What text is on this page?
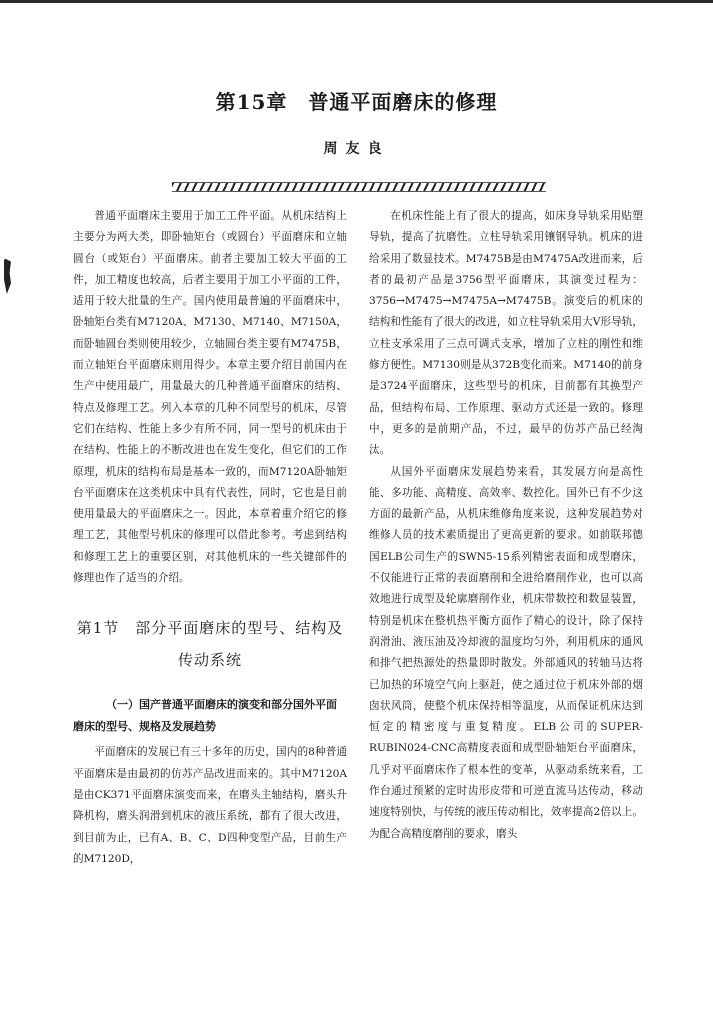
第15章　普通平面磨床的修理
周友良

普通平面磨床主要用于加工工件平面。从机床结构上主要分为两大类，即卧轴矩台（或圆台）平面磨床和立轴圆台（或矩台）平面磨床。前者主要加工较大平面的工件，加工精度也较高，后者主要用于加工小平面的工件，适用于较大批量的生产。国内使用最普遍的平面磨床中，卧轴矩台类有M7120A、M7130、M7140、M7150A，而卧轴圆台类则使用较少，立轴圆台类主要有M7475B，而立轴矩台平面磨床则用得少。本章主要介绍目前国内在生产中使用最广，用量最大的几种普通平面磨床的结构、特点及修理工艺。列入本章的几种不同型号的机床，尽管它们在结构、性能上多少有所不同，同一型号的机床由于在结构、性能上的不断改进也在发生变化，但它们的工作原理，机床的结构布局是基本一致的，而M7120A卧轴矩台平面磨床在这类机床中具有代表性，同时，它也是目前使用量最大的平面磨床之一。因此，本章着重介绍它的修理工艺，其他型号机床的修理可以借此参考。考虑到结构和修理工艺上的重要区别，对其他机床的一些关键部件的修理也作了适当的介绍。

第1节　部分平面磨床的型号、结构及传动系统
（一）国产普通平面磨床的演变和部分国外平面磨床的型号、规格及发展趋势

平面磨床的发展已有三十多年的历史，国内的8种普通平面磨床是由最初的仿苏产品改进而来的。其中M7120A是由CK371平面磨床演变而来，在磨头主轴结构，磨头升降机构，磨头润滑到机床的液压系统，都有了很大改进，到目前为止，已有A、B、C、D四种变型产品，目前生产的M7120D，

在机床性能上有了很大的提高，如床身导轨采用贴塑导轨，提高了抗磨性。立柱导轨采用镶钢导轨。机床的进给采用了数显技术。M7475B是由M7475A改进而来，后者的最初产品是3756型平面磨床，其演变过程为：3756→M7475→M7475A→M7475B。演变后的机床的结构和性能有了很大的改进，如立柱导轨采用大V形导轨，立柱支承采用了三点可调式支承，增加了立柱的刚性和维修方便性。M7130则是从372B变化而来。M7140的前身是3724平面磨床，这些型号的机床，目前都有其换型产品，但结构布局、工作原理、驱动方式还是一致的。修理中，更多的是前期产品，不过，最早的仿苏产品已经淘汰。

从国外平面磨床发展趋势来看，其发展方向是高性能、多功能、高精度、高效率、数控化。国外已有不少这方面的最新产品，从机床维修角度来说，这种发展趋势对维修人员的技术素质提出了更高更新的要求。如前联邦德国ELB公司生产的SWN5-15系列精密表面和成型磨床，不仅能进行正常的表面磨削和全进给磨削作业，也可以高效地进行成型及轮廓磨削作业，机床带数控和数显装置，特别是机床在整机热平衡方面作了精心的设计，除了保持润滑油、液压油及冷却液的温度均匀外，利用机床的通风和排气把热源处的热量即时散发。外部通风的转轴马达将已加热的环境空气向上驱赶，使之通过位于机床外部的烟囱状风筒，使整个机床保持相等温度，从而保证机床达到恒定的精密度与重复精度。ELB公司的SUPER-RUBIN024-CNC高精度表面和成型卧轴矩台平面磨床，几乎对平面磨床作了根本性的变革，从驱动系统来看，工作台通过预紧的定时齿形皮带和可逆直流马达传动，移动速度特别快，与传统的液压传动相比，效率提高2倍以上。为配合高精度磨削的要求，磨头
